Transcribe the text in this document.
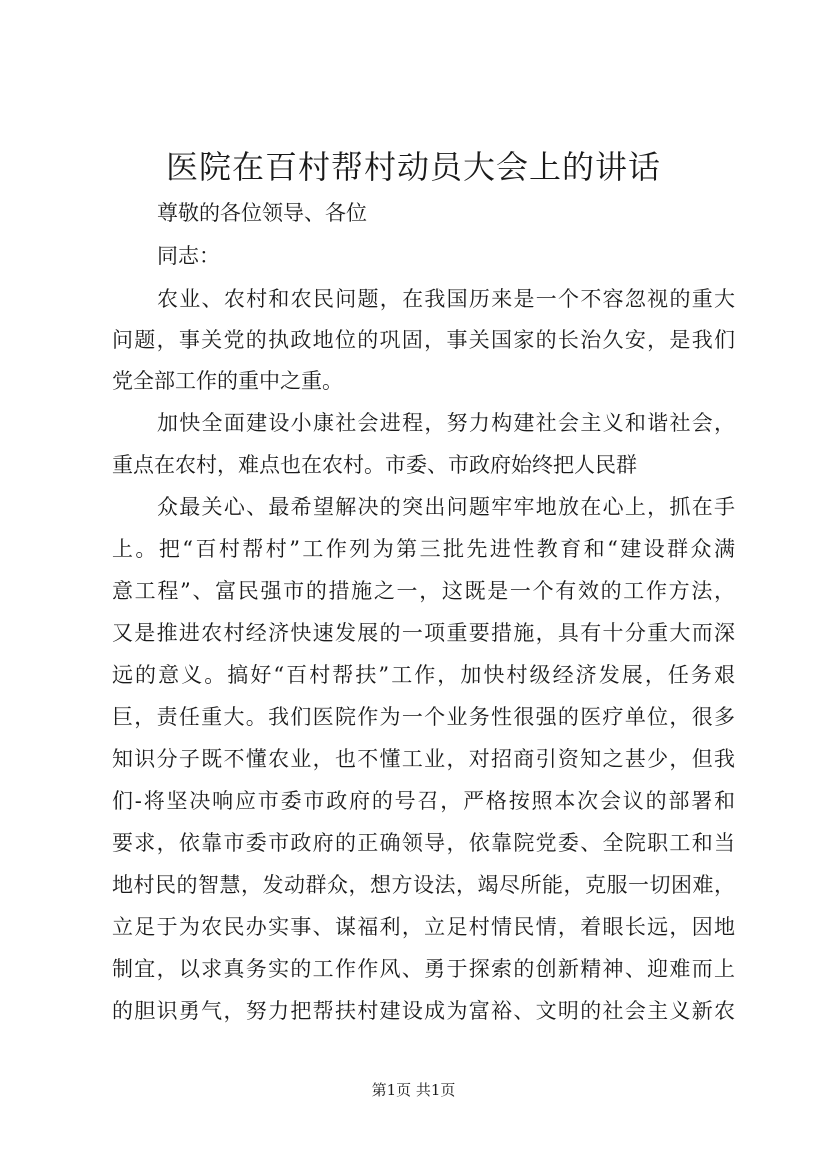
医院在百村帮村动员大会上的讲话
尊敬的各位领导、各位
同志：
农业、农村和农民问题，在我国历来是一个不容忽视的重大
问题，事关党的执政地位的巩固，事关国家的长治久安，是我们
党全部工作的重中之重。
加快全面建设小康社会进程，努力构建社会主义和谐社会，
重点在农村，难点也在农村。市委、市政府始终把人民群
众最关心、最希望解决的突出问题牢牢地放在心上，抓在手
上。把“百村帮村”工作列为第三批先进性教育和“建设群众满
意工程”、富民强市的措施之一，这既是一个有效的工作方法，
又是推进农村经济快速发展的一项重要措施，具有十分重大而深
远的意义。搞好“百村帮扶”工作，加快村级经济发展，任务艰
巨，责任重大。我们医院作为一个业务性很强的医疗单位，很多
知识分子既不懂农业，也不懂工业，对招商引资知之甚少，但我
们-将坚决响应市委市政府的号召，严格按照本次会议的部署和
要求，依靠市委市政府的正确领导，依靠院党委、全院职工和当
地村民的智慧，发动群众，想方设法，竭尽所能，克服一切困难，
立足于为农民办实事、谋福利，立足村情民情，着眼长远，因地
制宜，以求真务实的工作作风、勇于探索的创新精神、迎难而上
的胆识勇气，努力把帮扶村建设成为富裕、文明的社会主义新农
第1页 共1页
